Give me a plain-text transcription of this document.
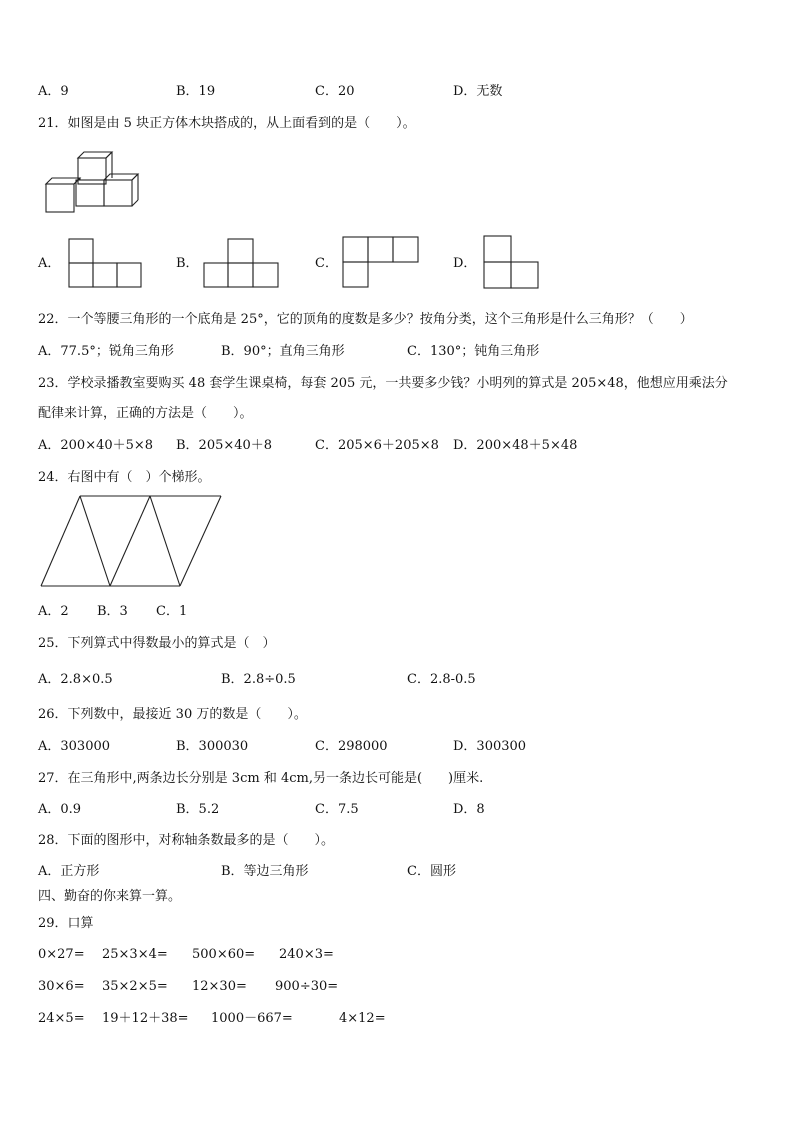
A．9	B．19	C．20	D．无数
21．如图是由 5 块正方体木块搭成的，从上面看到的是（　　）。
A．	B．	C．	D．
22．一个等腰三角形的一个底角是 25°，它的顶角的度数是多少？按角分类，这个三角形是什么三角形？（　　）
A．77.5°；锐角三角形	B．90°；直角三角形	C．130°；钝角三角形
23．学校录播教室要购买 48 套学生课桌椅，每套 205 元，一共要多少钱？小明列的算式是 205×48，他想应用乘法分
配律来计算，正确的方法是（　　）。
A．200×40＋5×8 B．205×40＋8	C．205×6＋205×8 D．200×48＋5×48
24．右图中有（　）个梯形。
A．2 B．3 C．1
25．下列算式中得数最小的算式是（　）
A．2.8×0.5	B．2.8÷0.5	C．2.8-0.5
26．下列数中，最接近 30 万的数是（　　）。
A．303000	B．300030	C．298000	D．300300
27．在三角形中,两条边长分别是 3cm 和 4cm,另一条边长可能是(　　)厘米.
A．0.9	B．5.2	C．7.5	D．8
28．下面的图形中，对称轴条数最多的是（　　）。
A．正方形	B．等边三角形	C．圆形
四、勤奋的你来算一算。
29．口算
0×27= 25×3×4= 500×60= 240×3=
30×6= 35×2×5= 12×30= 900÷30=
24×5= 19＋12＋38= 1000－667=	4×12=
